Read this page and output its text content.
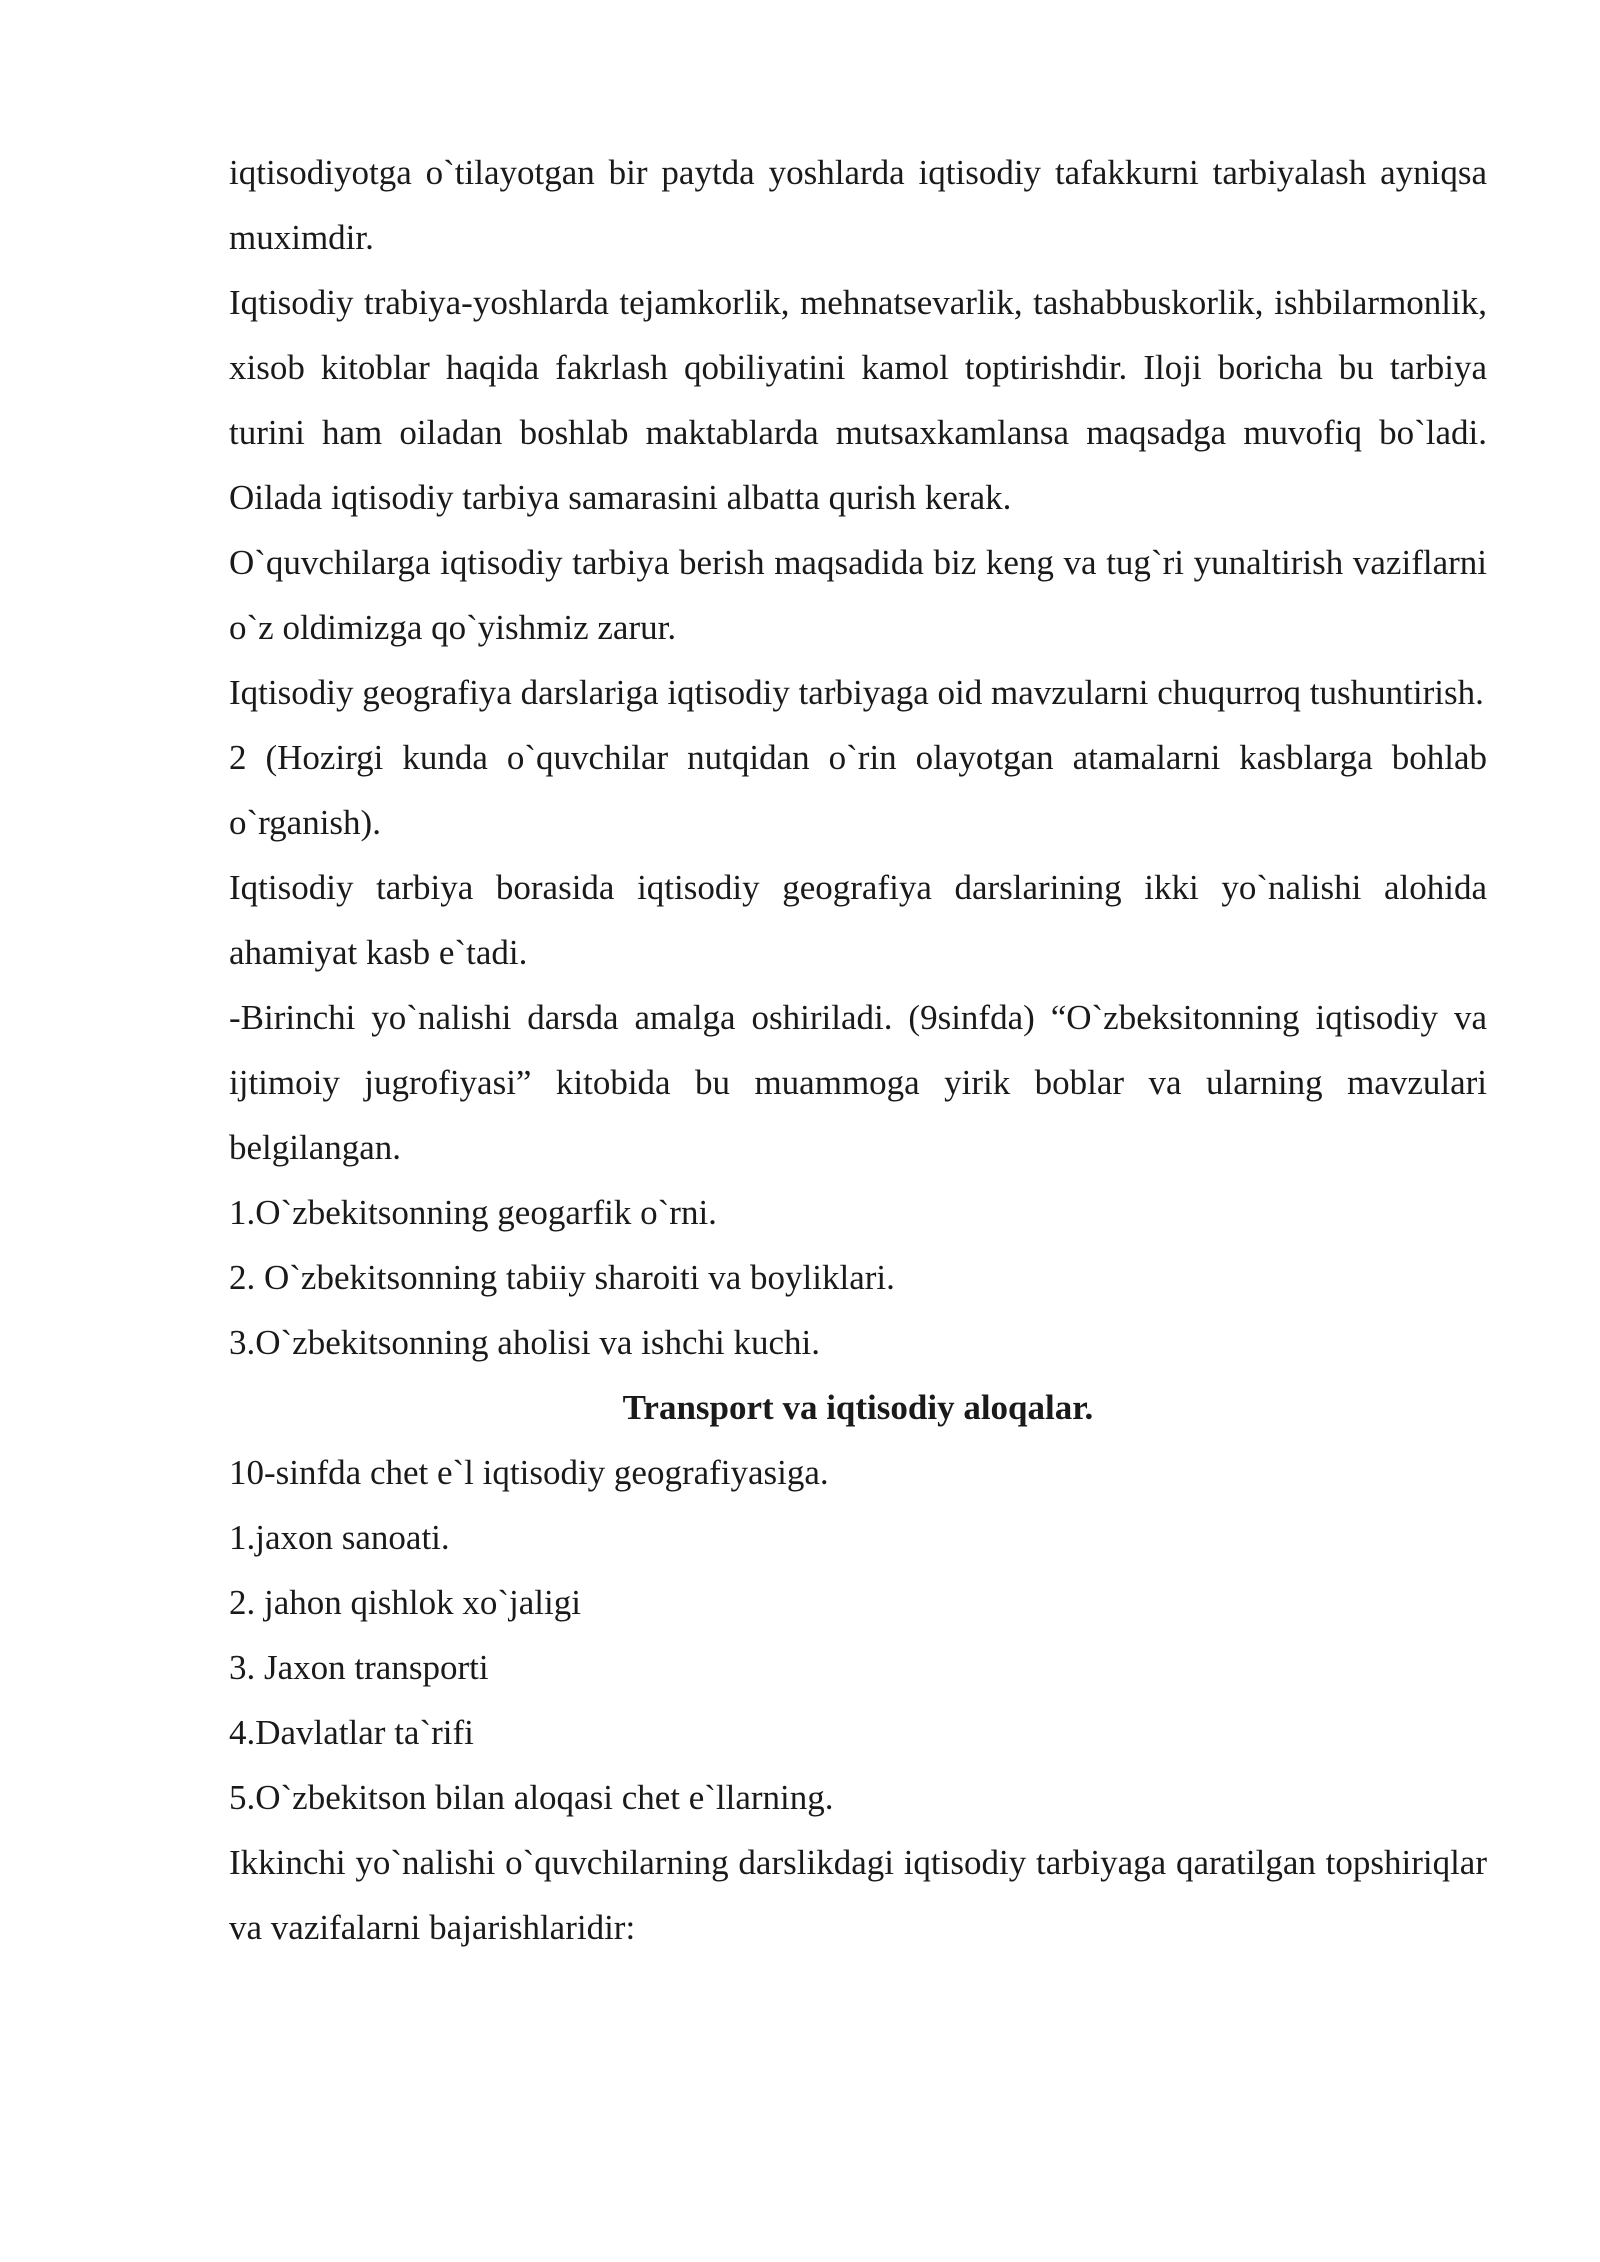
iqtisodiyotga o`tilayotgan bir paytda yoshlarda iqtisodiy tafakkurni tarbiyalash ayniqsa muximdir.

Iqtisodiy trabiya-yoshlarda tejamkorlik, mehnatsevarlik, tashabbuskorlik, ishbilarmonlik, xisob kitoblar haqida fakrlash qobiliyatini kamol toptirishdir. Iloji boricha bu tarbiya turini ham oiladan boshlab maktablarda mutsaxkamlansa maqsadga muvofiq bo`ladi. Oilada iqtisodiy tarbiya samarasini albatta qurish kerak.

O`quvchilarga iqtisodiy tarbiya berish maqsadida biz keng va tug`ri yunaltirish vaziflarni o`z oldimizga qo`yishmiz zarur.

Iqtisodiy geografiya darslariga iqtisodiy tarbiyaga oid mavzularni chuqurroq tushuntirish.

2 (Hozirgi kunda o`quvchilar nutqidan o`rin olayotgan atamalarni kasblarga bohlab o`rganish).

Iqtisodiy tarbiya borasida iqtisodiy geografiya darslarining ikki yo`nalishi alohida ahamiyat kasb e`tadi.

-Birinchi yo`nalishi darsda amalga oshiriladi. (9sinfda) “O`zbeksitonning iqtisodiy va ijtimoiy jugrofiyasi” kitobida bu muammoga yirik boblar va ularning mavzulari belgilangan.

1.O`zbekitsonning geogarfik o`rni.

2. O`zbekitsonning tabiiy sharoiti va boyliklari.

3.O`zbekitsonning aholisi va ishchi kuchi.

Transport va iqtisodiy aloqalar.

10-sinfda chet e`l iqtisodiy geografiyasiga.

1.jaxon sanoati.

2. jahon qishlok xo`jaligi

3. Jaxon transporti

4.Davlatlar ta`rifi

5.O`zbekitson bilan aloqasi chet e`llarning.

Ikkinchi yo`nalishi o`quvchilarning darslikdagi iqtisodiy tarbiyaga qaratilgan topshiriqlar va vazifalarni bajarishlaridir:
